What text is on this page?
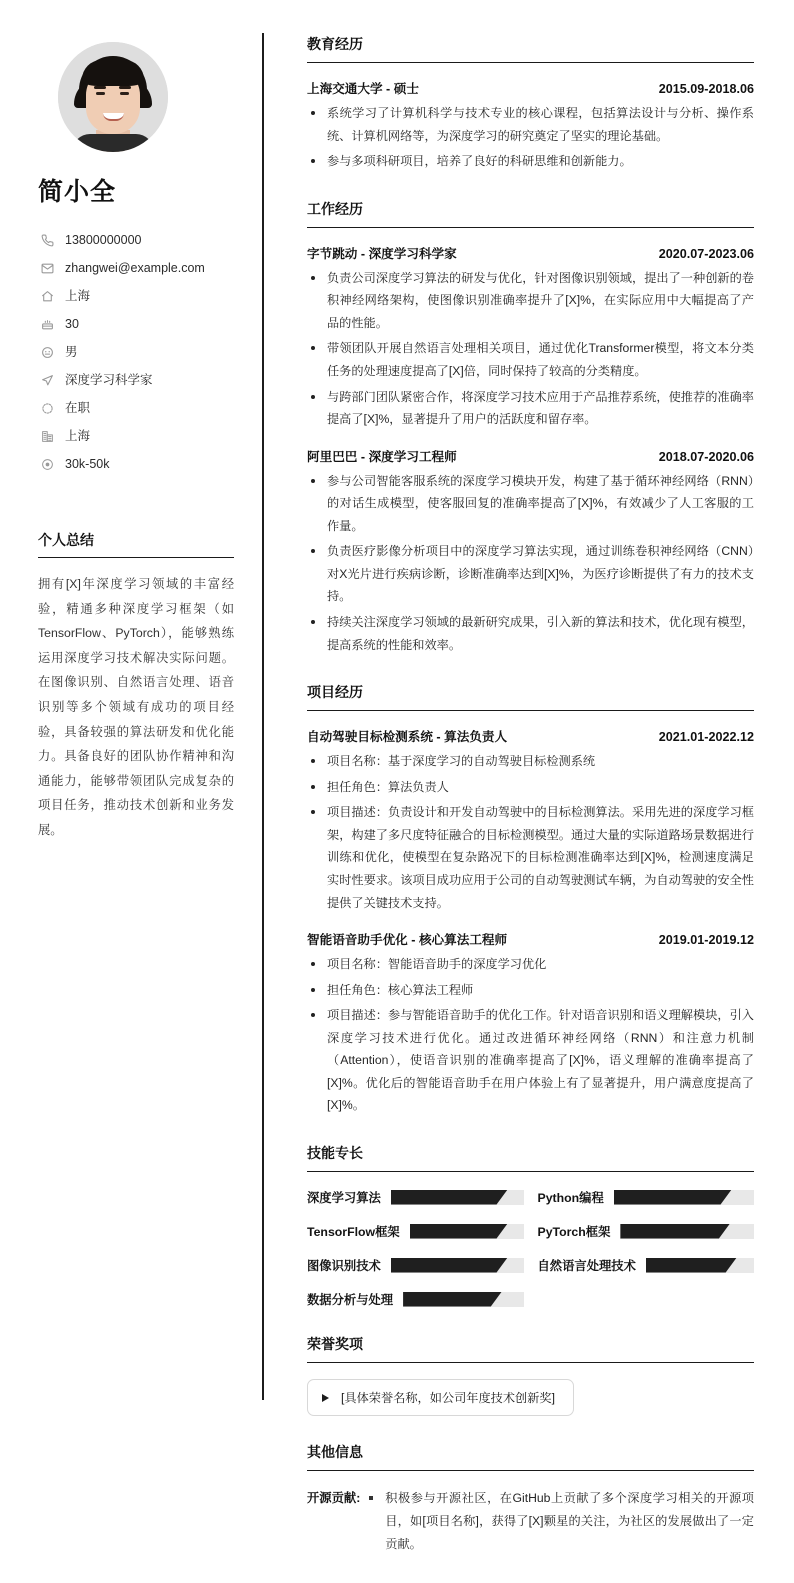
简小全
13800000000
zhangwei@example.com
上海
30
男
深度学习科学家
在职
上海
30k-50k
个人总结

拥有[X]年深度学习领域的丰富经验，精通多种深度学习框架（如TensorFlow、PyTorch），能够熟练运用深度学习技术解决实际问题。在图像识别、自然语言处理、语音识别等多个领域有成功的项目经验，具备较强的算法研发和优化能力。具备良好的团队协作精神和沟通能力，能够带领团队完成复杂的项目任务，推动技术创新和业务发展。

教育经历
上海交通大学 - 硕士	2015.09-2018.06
系统学习了计算机科学与技术专业的核心课程，包括算法设计与分析、操作系统、计算机网络等，为深度学习的研究奠定了坚实的理论基础。
参与多项科研项目，培养了良好的科研思维和创新能力。
工作经历
字节跳动 - 深度学习科学家	2020.07-2023.06
负责公司深度学习算法的研发与优化，针对图像识别领域，提出了一种创新的卷积神经网络架构，使图像识别准确率提升了[X]%，在实际应用中大幅提高了产品的性能。
带领团队开展自然语言处理相关项目，通过优化Transformer模型，将文本分类任务的处理速度提高了[X]倍，同时保持了较高的分类精度。
与跨部门团队紧密合作，将深度学习技术应用于产品推荐系统，使推荐的准确率提高了[X]%，显著提升了用户的活跃度和留存率。
阿里巴巴 - 深度学习工程师	2018.07-2020.06
参与公司智能客服系统的深度学习模块开发，构建了基于循环神经网络（RNN）的对话生成模型，使客服回复的准确率提高了[X]%，有效减少了人工客服的工作量。
负责医疗影像分析项目中的深度学习算法实现，通过训练卷积神经网络（CNN）对X光片进行疾病诊断，诊断准确率达到[X]%，为医疗诊断提供了有力的技术支持。
持续关注深度学习领域的最新研究成果，引入新的算法和技术，优化现有模型，提高系统的性能和效率。
项目经历
自动驾驶目标检测系统 - 算法负责人	2021.01-2022.12
项目名称：基于深度学习的自动驾驶目标检测系统
担任角色：算法负责人
项目描述：负责设计和开发自动驾驶中的目标检测算法。采用先进的深度学习框架，构建了多尺度特征融合的目标检测模型。通过大量的实际道路场景数据进行训练和优化，使模型在复杂路况下的目标检测准确率达到[X]%，检测速度满足实时性要求。该项目成功应用于公司的自动驾驶测试车辆，为自动驾驶的安全性提供了关键技术支持。
智能语音助手优化 - 核心算法工程师	2019.01-2019.12
项目名称：智能语音助手的深度学习优化
担任角色：核心算法工程师
项目描述：参与智能语音助手的优化工作。针对语音识别和语义理解模块，引入深度学习技术进行优化。通过改进循环神经网络（RNN）和注意力机制（Attention），使语音识别的准确率提高了[X]%，语义理解的准确率提高了[X]%。优化后的智能语音助手在用户体验上有了显著提升，用户满意度提高了[X]%。
技能专长
深度学习算法	Python编程
TensorFlow框架	PyTorch框架
图像识别技术	自然语言处理技术
数据分析与处理
荣誉奖项
[具体荣誉名称，如公司年度技术创新奖]
其他信息
开源贡献:	积极参与开源社区，在GitHub上贡献了多个深度学习相关的开源项目，如[项目名称]，获得了[X]颗星的关注，为社区的发展做出了一定贡献。
